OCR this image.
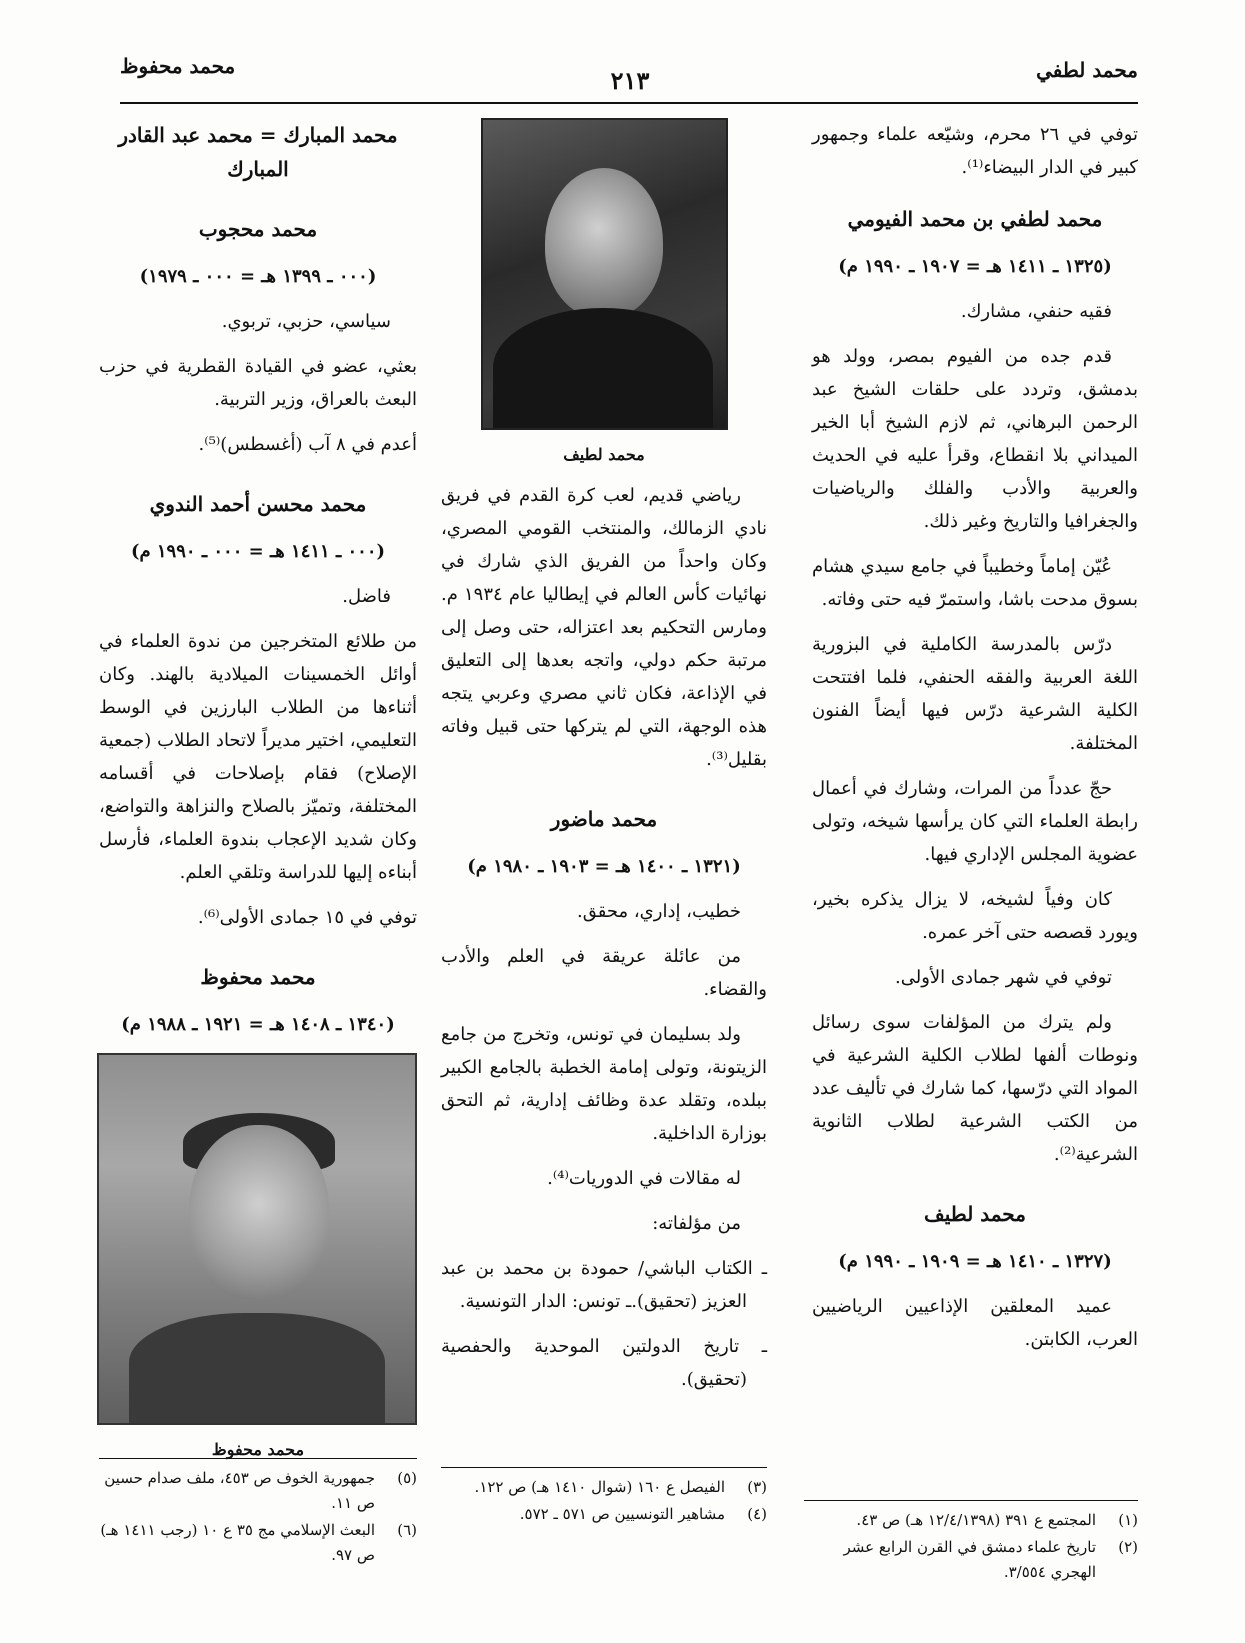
محمد لطفي
٢١٣
محمد محفوظ

توفي في ٢٦ محرم، وشيّعه علماء وجمهور كبير في الدار البيضاء⁽¹⁾.

محمد لطفي بن محمد الفيومي
(١٣٢٥ ـ ١٤١١ هـ = ١٩٠٧ ـ ١٩٩٠ م)

فقيه حنفي، مشارك.

قدم جده من الفيوم بمصر، وولد هو بدمشق، وتردد على حلقات الشيخ عبد الرحمن البرهاني، ثم لازم الشيخ أبا الخير الميداني بلا انقطاع، وقرأ عليه في الحديث والعربية والأدب والفلك والرياضيات والجغرافيا والتاريخ وغير ذلك.

عُيّن إماماً وخطيباً في جامع سيدي هشام بسوق مدحت باشا، واستمرّ فيه حتى وفاته.

درّس بالمدرسة الكاملية في البزورية اللغة العربية والفقه الحنفي، فلما افتتحت الكلية الشرعية درّس فيها أيضاً الفنون المختلفة.

حجّ عدداً من المرات، وشارك في أعمال رابطة العلماء التي كان يرأسها شيخه، وتولى عضوية المجلس الإداري فيها.

كان وفياً لشيخه، لا يزال يذكره بخير، ويورد قصصه حتى آخر عمره.

توفي في شهر جمادى الأولى.

ولم يترك من المؤلفات سوى رسائل ونوطات ألفها لطلاب الكلية الشرعية في المواد التي درّسها، كما شارك في تأليف عدد من الكتب الشرعية لطلاب الثانوية الشرعية⁽²⁾.

محمد لطيف
(١٣٢٧ ـ ١٤١٠ هـ = ١٩٠٩ ـ ١٩٩٠ م)

عميد المعلقين الإذاعيين الرياضيين العرب، الكابتن.

محمد لطيف

رياضي قديم، لعب كرة القدم في فريق نادي الزمالك، والمنتخب القومي المصري، وكان واحداً من الفريق الذي شارك في نهائيات كأس العالم في إيطاليا عام ١٩٣٤ م. ومارس التحكيم بعد اعتزاله، حتى وصل إلى مرتبة حكم دولي، واتجه بعدها إلى التعليق في الإذاعة، فكان ثاني مصري وعربي يتجه هذه الوجهة، التي لم يتركها حتى قبيل وفاته بقليل⁽³⁾.

محمد ماضور
(١٣٢١ ـ ١٤٠٠ هـ = ١٩٠٣ ـ ١٩٨٠ م)

خطيب، إداري، محقق.

من عائلة عريقة في العلم والأدب والقضاء.

ولد بسليمان في تونس، وتخرج من جامع الزيتونة، وتولى إمامة الخطبة بالجامع الكبير ببلده، وتقلد عدة وظائف إدارية، ثم التحق بوزارة الداخلية.

له مقالات في الدوريات⁽⁴⁾.

من مؤلفاته:

ـ الكتاب الباشي/ حمودة بن محمد بن عبد العزيز (تحقيق).ـ تونس: الدار التونسية.

ـ تاريخ الدولتين الموحدية والحفصية (تحقيق).

محمد المبارك = محمد عبد القادر المبارك
محمد محجوب
(٠٠٠ ـ ١٣٩٩ هـ = ٠٠٠ ـ ١٩٧٩)

سياسي، حزبي، تربوي.

بعثي، عضو في القيادة القطرية في حزب البعث بالعراق، وزير التربية.

أعدم في ٨ آب (أغسطس)⁽⁵⁾.

محمد محسن أحمد الندوي
(٠٠٠ ـ ١٤١١ هـ = ٠٠٠ ـ ١٩٩٠ م)

فاضل.

من طلائع المتخرجين من ندوة العلماء في أوائل الخمسينات الميلادية بالهند. وكان أثناءها من الطلاب البارزين في الوسط التعليمي، اختير مديراً لاتحاد الطلاب (جمعية الإصلاح) فقام بإصلاحات في أقسامه المختلفة، وتميّز بالصلاح والنزاهة والتواضع، وكان شديد الإعجاب بندوة العلماء، فأرسل أبناءه إليها للدراسة وتلقي العلم.

توفي في ١٥ جمادى الأولى⁽⁶⁾.

محمد محفوظ
(١٣٤٠ ـ ١٤٠٨ هـ = ١٩٢١ ـ ١٩٨٨ م)
محمد محفوظ
(١)
المجتمع ع ٣٩١ (١٢/٤/١٣٩٨ هـ) ص ٤٣.
(٢)
تاريخ علماء دمشق في القرن الرابع عشر الهجري ٣/٥٥٤.
(٣)
الفيصل ع ١٦٠ (شوال ١٤١٠ هـ) ص ١٢٢.
(٤)
مشاهير التونسيين ص ٥٧١ ـ ٥٧٢.
(٥)
جمهورية الخوف ص ٤٥٣، ملف صدام حسين ص ١١.
(٦)
البعث الإسلامي مج ٣٥ ع ١٠ (رجب ١٤١١ هـ) ص ٩٧.
